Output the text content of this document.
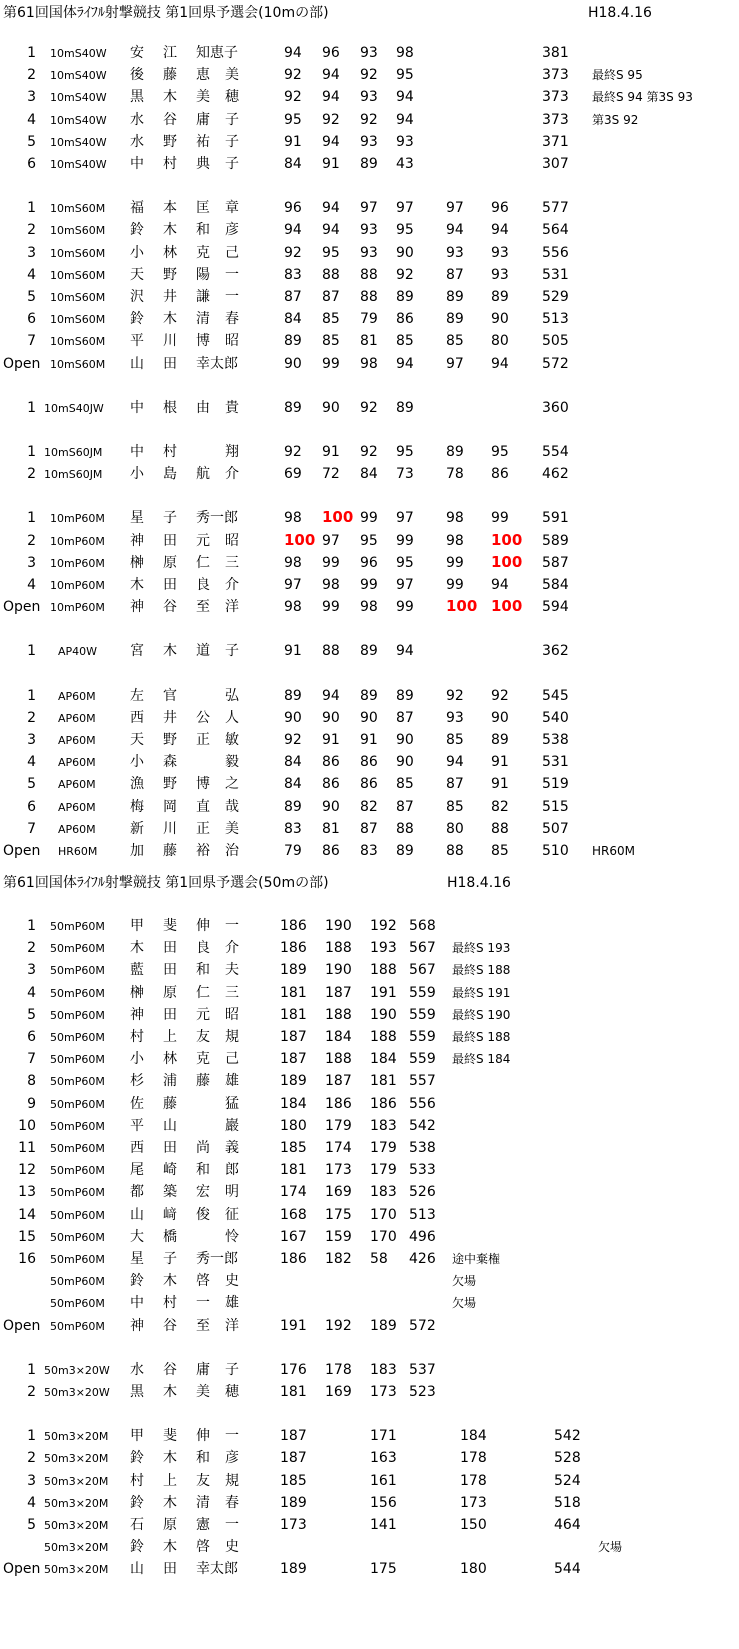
第61回国体ﾗｲﾌﾙ射撃競技 第1回県予選会(10mの部)	H18.4.16
1 10mS40W 安 江 知恵子	94 96 93 98	381
2 10mS40W 後 藤 恵 美	92 94 92 95	373 最終S 95
3 10mS40W 黒 木 美 穂	92 94 93 94	373 最終S 94 第3S 93
4 10mS40W 水 谷 庸 子	95 92 92 94	373 第3S 92
5 10mS40W 水 野 祐 子	91 94 93 93	371
6 10mS40W 中 村 典 子	84 91 89 43	307
1 10mS60M 福 本 匡 章	96 94 97 97 97 96 577
2 10mS60M 鈴 木 和 彦	94 94 93 95 94 94 564
3 10mS60M 小 林 克 己	92 95 93 90 93 93 556
4 10mS60M 天 野 陽 一	83 88 88 92 87 93 531
5 10mS60M 沢 井 謙 一	87 87 88 89 89 89 529
6 10mS60M 鈴 木 清 春	84 85 79 86 89 90 513
7 10mS60M 平 川 博 昭	89 85 81 85 85 80 505
Open 10mS60M 山 田 幸太郎	90 99 98 94 97 94 572
1 10mS40JW 中 根 由 貴	89 90 92 89	360
1 10mS60JM 中 村	翔	92 91 92 95 89 95 554
2 10mS60JM 小 島 航 介	69 72 84 73 78 86 462
1 10mP60M 星 子 秀一郎	98 100 99 97 98 99 591
2 10mP60M 神 田 元 昭	100 97 95 99 98 100 589
3 10mP60M 榊 原 仁 三	98 99 96 95 99 100 587
4 10mP60M 木 田 良 介	97 98 99 97 99 94 584
Open 10mP60M 神 谷 至 洋	98 99 98 99 100 100 594
1 AP40W 宮 木 道 子	91 88 89 94	362
1 AP60M 左 官	弘	89 94 89 89 92 92 545
2 AP60M 西 井 公 人	90 90 90 87 93 90 540
3 AP60M 天 野 正 敏	92 91 91 90 85 89 538
4 AP60M 小 森	毅	84 86 86 90 94 91 531
5 AP60M 漁 野 博 之	84 86 86 85 87 91 519
6 AP60M 梅 岡 直 哉	89 90 82 87 85 82 515
7 AP60M 新 川 正 美	83 81 87 88 80 88 507
Open HR60M 加 藤 裕 治	79 86 83 89 88 85 510 HR60M
第61回国体ﾗｲﾌﾙ射撃競技 第1回県予選会(50mの部)	H18.4.16
1 50mP60M 甲 斐 伸 一	186 190 192 568
2 50mP60M 木 田 良 介	186 188 193 567 最終S 193
3 50mP60M 藍 田 和 夫	189 190 188 567 最終S 188
4 50mP60M 榊 原 仁 三	181 187 191 559 最終S 191
5 50mP60M 神 田 元 昭	181 188 190 559 最終S 190
6 50mP60M 村 上 友 規	187 184 188 559 最終S 188
7 50mP60M 小 林 克 己	187 188 184 559 最終S 184
8 50mP60M 杉 浦 藤 雄	189 187 181 557
9 50mP60M 佐 藤	猛	184 186 186 556
10 50mP60M 平 山	巖	180 179 183 542
11 50mP60M 西 田 尚 義	185 174 179 538
12 50mP60M 尾 崎 和 郎	181 173 179 533
13 50mP60M 都 築 宏 明	174 169 183 526
14 50mP60M 山 﨑 俊 征	168 175 170 513
15 50mP60M 大 橋	怜	167 159 170 496
16 50mP60M 星 子 秀一郎	186 182 58 426 途中棄権
50mP60M 鈴 木 啓 史	欠場
50mP60M 中 村 一 雄	欠場
Open 50mP60M 神 谷 至 洋	191 192 189 572
1 50m3×20W 水 谷 庸 子	176 178 183 537
2 50m3×20W 黒 木 美 穂	181 169 173 523
1 50m3×20M 甲 斐 伸 一	187	171	184	542
2 50m3×20M 鈴 木 和 彦	187	163	178	528
3 50m3×20M 村 上 友 規	185	161	178	524
4 50m3×20M 鈴 木 清 春	189	156	173	518
5 50m3×20M 石 原 憲 一	173	141	150	464
50m3×20M 鈴 木 啓 史	欠場
Open 50m3×20M 山 田 幸太郎	189	175	180	544
